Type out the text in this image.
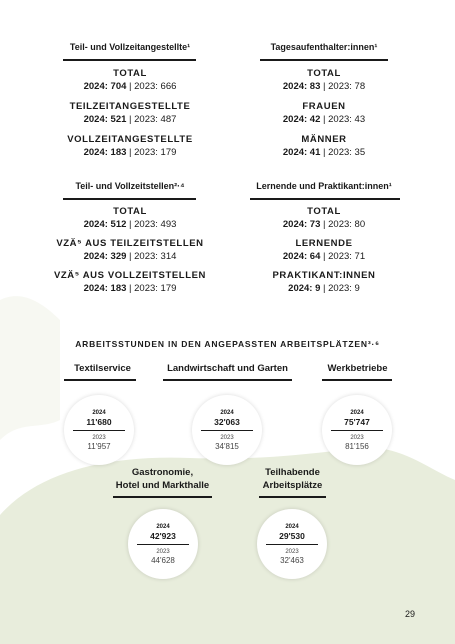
Teil- und Vollzeitangestellte¹
TOTAL
2024: 704 | 2023: 666
TEILZEITANGESTELLTE
2024: 521 | 2023: 487
VOLLZEITANGESTELLTE
2024: 183 | 2023: 179
Tagesaufenthalter:innen¹
TOTAL
2024: 83 | 2023: 78
FRAUEN
2024: 42 | 2023: 43
MÄNNER
2024: 41 | 2023: 35
Teil- und Vollzeitstellen²·⁴
TOTAL
2024: 512 | 2023: 493
VZÄ⁵ AUS TEILZEITSTELLEN
2024: 329 | 2023: 314
VZÄ⁵ AUS VOLLZEITSTELLEN
2024: 183 | 2023: 179
Lernende und Praktikant:innen¹
TOTAL
2024: 73 | 2023: 80
LERNENDE
2024: 64 | 2023: 71
PRAKTIKANT:INNEN
2024: 9 | 2023: 9
ARBEITSSTUNDEN IN DEN ANGEPASSTEN ARBEITSPLÄTZEN³·⁶
Textilservice	Landwirtschaft und Garten	Werkbetriebe
2024
11'680
2023
11'957
2024
32'063
2023
34'815
2024
75'747
2023
81'156
Gastronomie,
Hotel und Markthalle
Teilhabende
Arbeitsplätze
2024
42'923
2023
44'628
2024
29'530
2023
32'463
29
